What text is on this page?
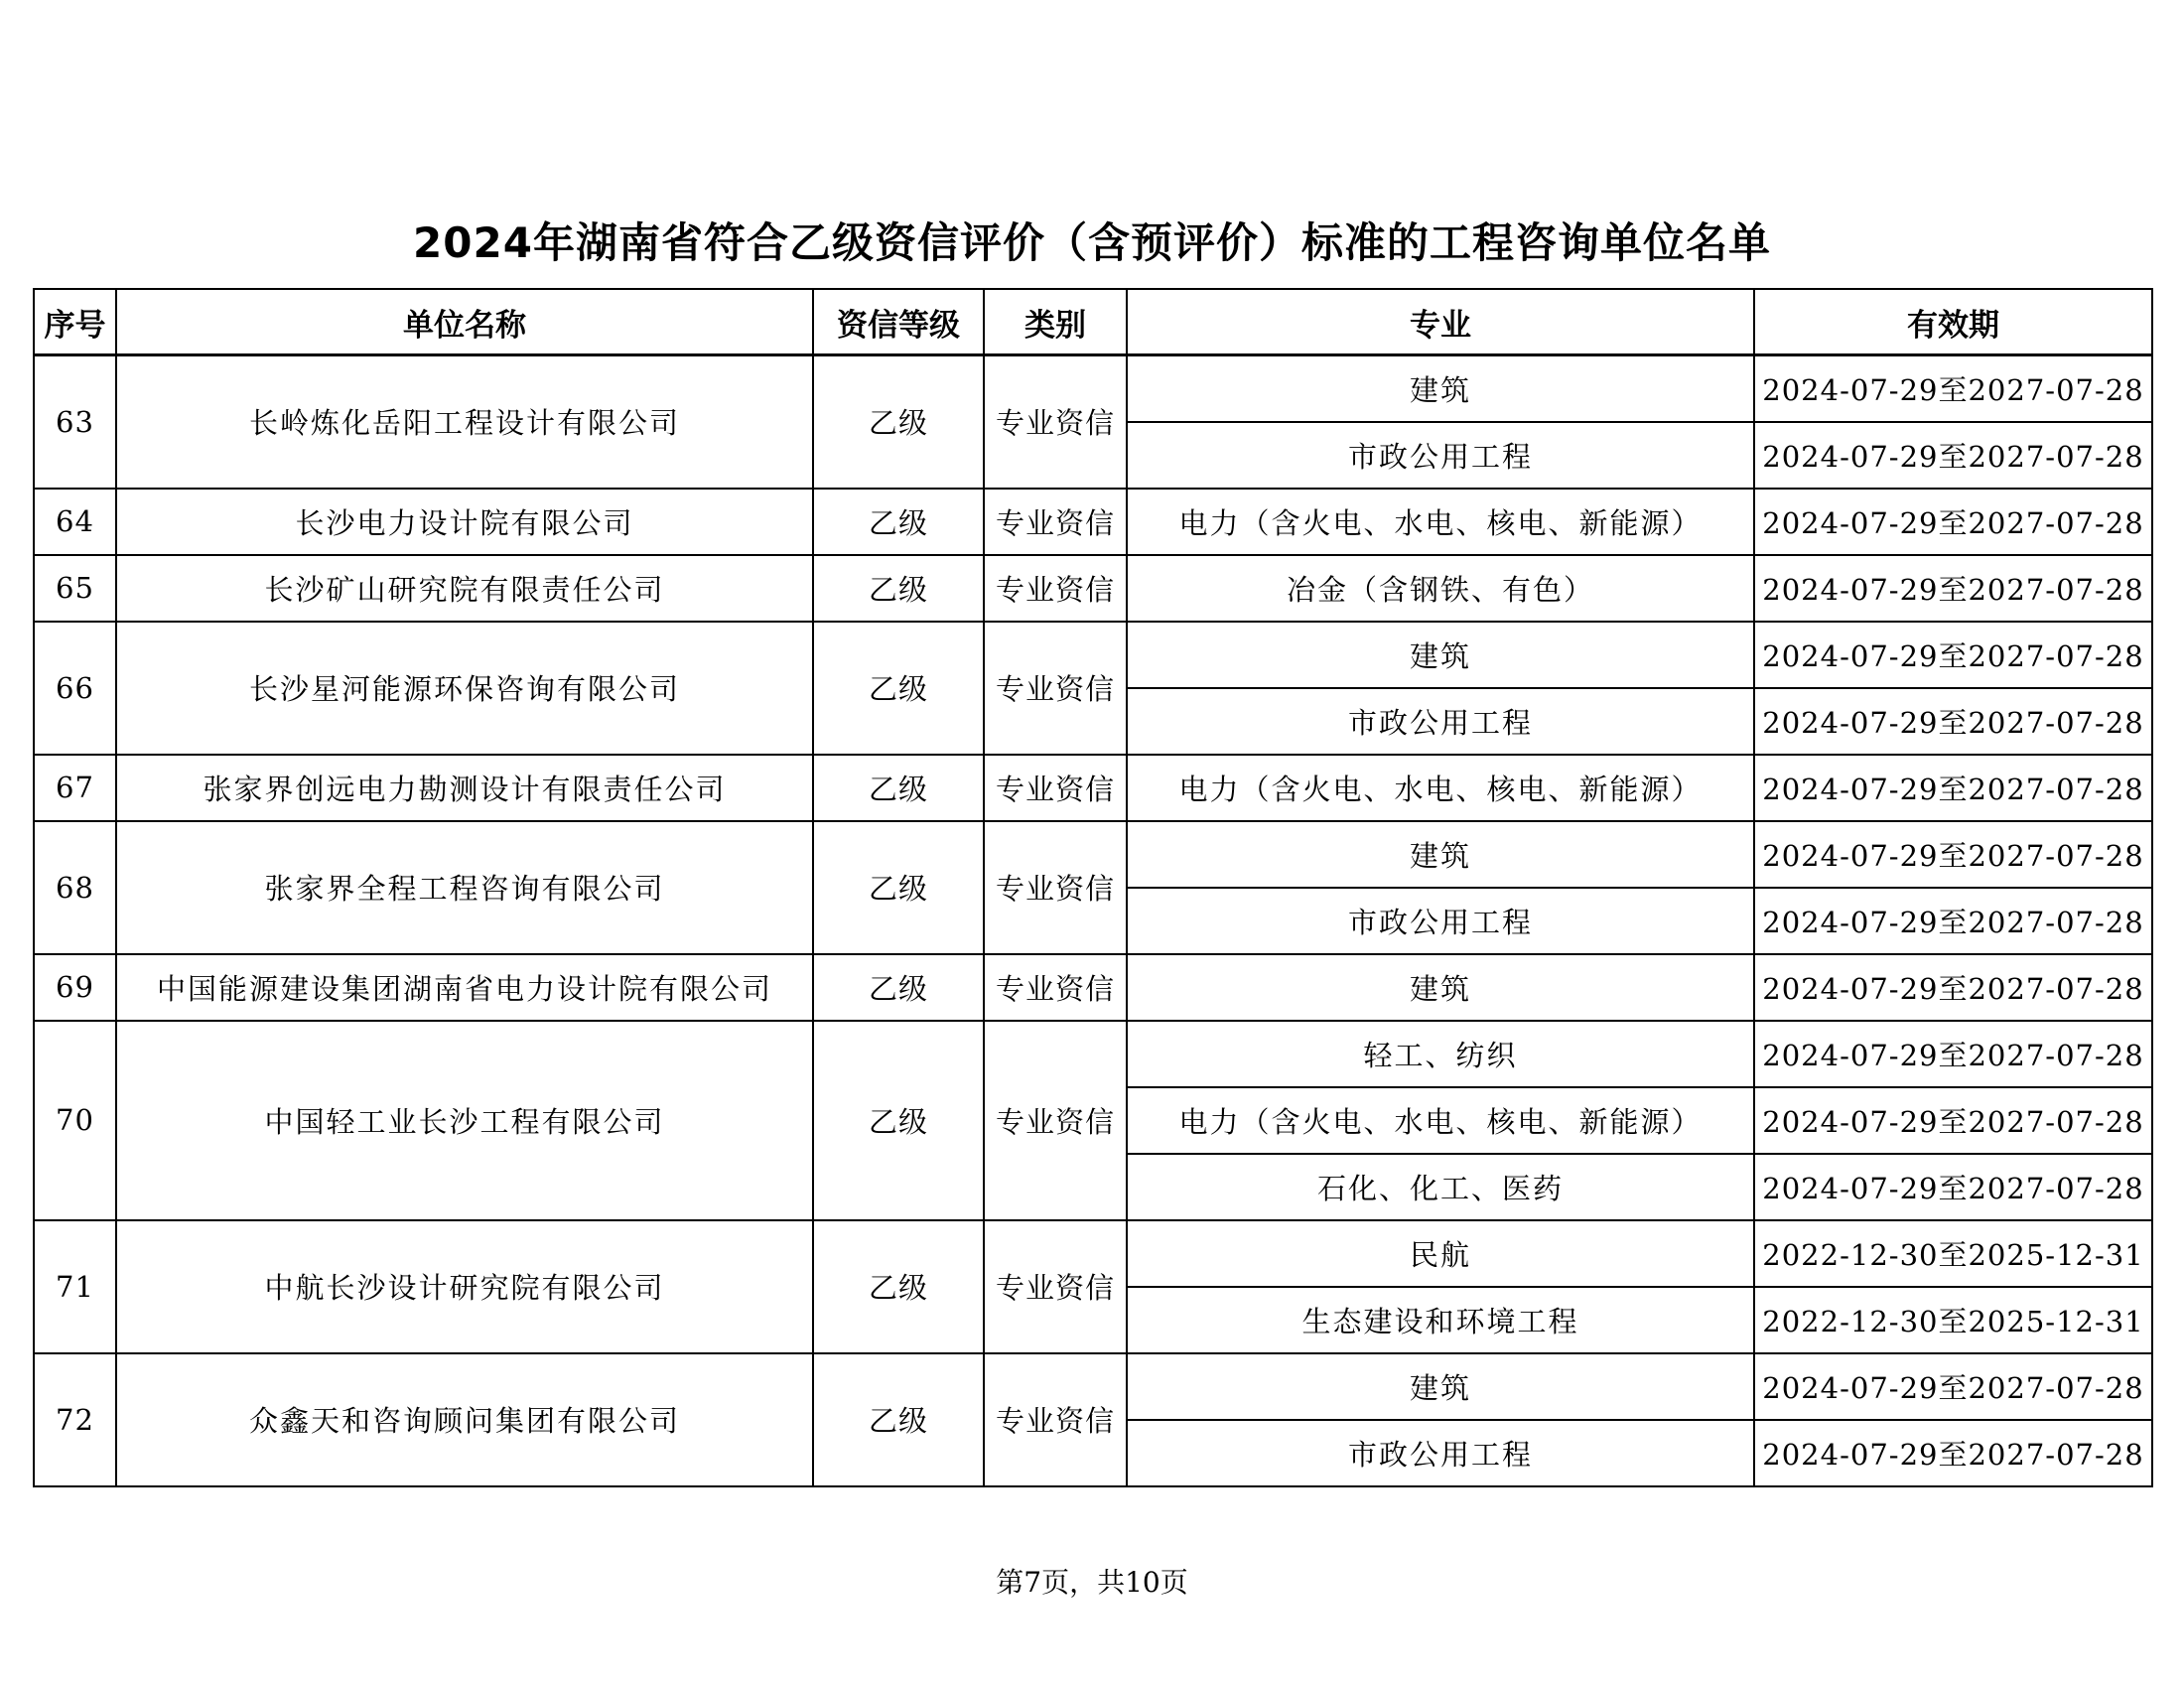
2024年湖南省符合乙级资信评价（含预评价）标准的工程咨询单位名单
序号	单位名称	资信等级	类别	专业	有效期
63	长岭炼化岳阳工程设计有限公司	乙级	专业资信	建筑	2024-07-29至2027-07-28
				市政公用工程	2024-07-29至2027-07-28
64	长沙电力设计院有限公司	乙级	专业资信	电力（含火电、水电、核电、新能源）	2024-07-29至2027-07-28
65	长沙矿山研究院有限责任公司	乙级	专业资信	冶金（含钢铁、有色）	2024-07-29至2027-07-28
66	长沙星河能源环保咨询有限公司	乙级	专业资信	建筑	2024-07-29至2027-07-28
				市政公用工程	2024-07-29至2027-07-28
67	张家界创远电力勘测设计有限责任公司	乙级	专业资信	电力（含火电、水电、核电、新能源）	2024-07-29至2027-07-28
68	张家界全程工程咨询有限公司	乙级	专业资信	建筑	2024-07-29至2027-07-28
				市政公用工程	2024-07-29至2027-07-28
69	中国能源建设集团湖南省电力设计院有限公司	乙级	专业资信	建筑	2024-07-29至2027-07-28
70	中国轻工业长沙工程有限公司	乙级	专业资信	轻工、纺织	2024-07-29至2027-07-28
				电力（含火电、水电、核电、新能源）	2024-07-29至2027-07-28
				石化、化工、医药	2024-07-29至2027-07-28
71	中航长沙设计研究院有限公司	乙级	专业资信	民航	2022-12-30至2025-12-31
				生态建设和环境工程	2022-12-30至2025-12-31
72	众鑫天和咨询顾问集团有限公司	乙级	专业资信	建筑	2024-07-29至2027-07-28
				市政公用工程	2024-07-29至2027-07-28
第7页，共10页
